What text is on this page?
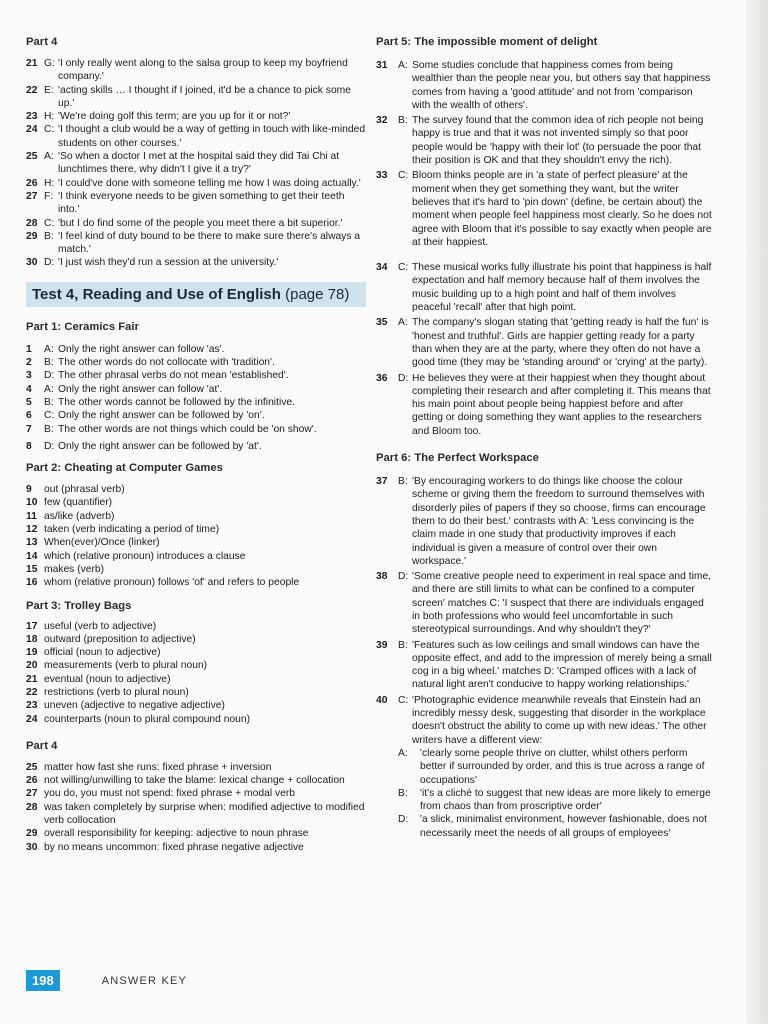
Part 4
21 G: 'I only really went along to the salsa group to keep my boyfriend company.'
22 E: 'acting skills … I thought if I joined, it'd be a chance to pick some up.'
23 H: 'We're doing golf this term; are you up for it or not?'
24 C: 'I thought a club would be a way of getting in touch with like-minded students on other courses.'
25 A: 'So when a doctor I met at the hospital said they did Tai Chi at lunchtimes there, why didn't I give it a try?'
26 H: 'I could've done with someone telling me how I was doing actually.'
27 F: 'I think everyone needs to be given something to get their teeth into.'
28 C: 'but I do find some of the people you meet there a bit superior.'
29 B: 'I feel kind of duty bound to be there to make sure there's always a match.'
30 D: 'I just wish they'd run a session at the university.'
Test 4, Reading and Use of English (page 78)
Part 1: Ceramics Fair
1	A: Only the right answer can follow 'as'.
2	B: The other words do not collocate with 'tradition'.
3	D: The other phrasal verbs do not mean 'established'.
4	A: Only the right answer can follow 'at'.
5	B: The other words cannot be followed by the infinitive.
6	C: Only the right answer can be followed by 'on'.
7	B: The other words are not things which could be 'on show'.
8	D: Only the right answer can be followed by 'at'.
Part 2: Cheating at Computer Games
9	out (phrasal verb)
10 few (quantifier)
11 as/like (adverb)
12 taken (verb indicating a period of time)
13 When(ever)/Once (linker)
14 which (relative pronoun) introduces a clause
15 makes (verb)
16 whom (relative pronoun) follows 'of' and refers to people
Part 3: Trolley Bags
17 useful (verb to adjective)
18 outward (preposition to adjective)
19 official (noun to adjective)
20 measurements (verb to plural noun)
21 eventual (noun to adjective)
22 restrictions (verb to plural noun)
23 uneven (adjective to negative adjective)
24 counterparts (noun to plural compound noun)
Part 4
25 matter how fast she runs: fixed phrase + inversion
26 not willing/unwilling to take the blame: lexical change + collocation
27 you do, you must not spend: fixed phrase + modal verb
28 was taken completely by surprise when: modified adjective to modified verb collocation
29 overall responsibility for keeping: adjective to noun phrase
30 by no means uncommon: fixed phrase negative adjective
Part 5: The impossible moment of delight
31	A: Some studies conclude that happiness comes from being wealthier than the people near you, but others say that happiness comes from having a 'good attitude' and not from 'comparison with the wealth of others'.
32	B: The survey found that the common idea of rich people not being happy is true and that it was not invented simply so that poor people would be 'happy with their lot' (to persuade the poor that their position is OK and that they shouldn't envy the rich).
33	C: Bloom thinks people are in 'a state of perfect pleasure' at the moment when they get something they want, but the writer believes that it's hard to 'pin down' (define, be certain about) the moment when people feel happiness most clearly. So he does not agree with Bloom that it's possible to say exactly when people are at their happiest.
34	C: These musical works fully illustrate his point that happiness is half expectation and half memory because half of them involves the music building up to a high point and half of them involves peaceful 'recall' after that high point.
35	A: The company's slogan stating that 'getting ready is half the fun' is 'honest and truthful'. Girls are happier getting ready for a party than when they are at the party, where they often do not have a good time (they may be 'standing around' or 'crying' at the party).
36	D: He believes they were at their happiest when they thought about completing their research and after completing it. This means that his main point about people being happiest before and after getting or doing something they want applies to the researchers and Bloom too.
Part 6: The Perfect Workspace
37	B: 'By encouraging workers to do things like choose the colour scheme or giving them the freedom to surround themselves with disorderly piles of papers if they so choose, firms can encourage them to do their best.' contrasts with A: 'Less convincing is the claim made in one study that productivity improves if each individual is given a measure of control over their own workspace.'
38	D: 'Some creative people need to experiment in real space and time, and there are still limits to what can be confined to a computer screen' matches C: 'I suspect that there are individuals engaged in both professions who would feel uncomfortable in such stereotypical surroundings. And why shouldn't they?'
39	B: 'Features such as low ceilings and small windows can have the opposite effect, and add to the impression of merely being a small cog in a big wheel.' matches D: 'Cramped offices with a lack of natural light aren't conducive to happy working relationships.'
40	C: 'Photographic evidence meanwhile reveals that Einstein had an incredibly messy desk, suggesting that disorder in the workplace doesn't obstruct the ability to come up with new ideas.' The other writers have a different view:
A:	'clearly some people thrive on clutter, whilst others perform better if surrounded by order, and this is true across a range of occupations'
B:	'it's a cliché to suggest that new ideas are more likely to emerge from chaos than from proscriptive order'
D:	'a slick, minimalist environment, however fashionable, does not necessarily meet the needs of all groups of employees'
198	ANSWER KEY
